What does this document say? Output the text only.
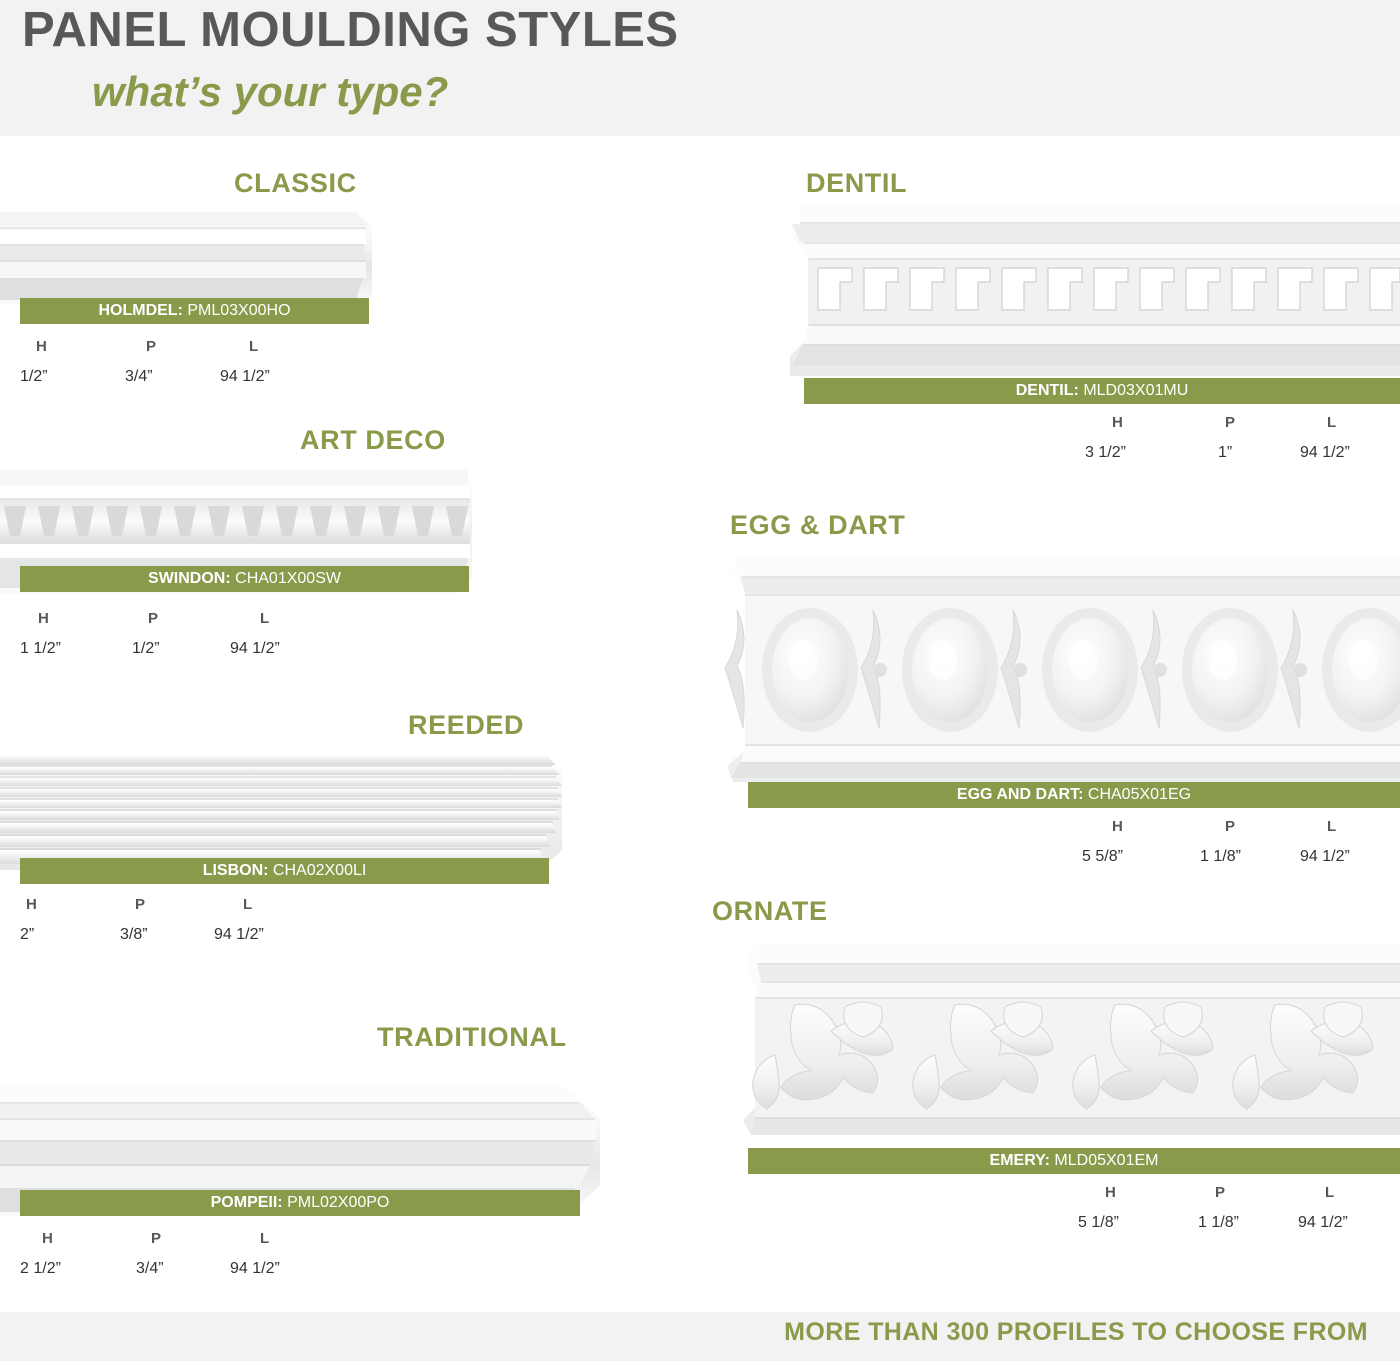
PANEL MOULDING STYLES
what’s your type?
CLASSIC
HOLMDEL: PML03X00HO
H	P	L
1/2”	3/4”	94 1/2”
ART DECO
SWINDON: CHA01X00SW
H	P	L
1 1/2”	1/2”	94 1/2”
REEDED
LISBON: CHA02X00LI
H	P	L
2”	3/8”	94 1/2”
TRADITIONAL
POMPEII: PML02X00PO
H	P	L
2 1/2”	3/4”	94 1/2”
DENTIL
DENTIL: MLD03X01MU
H	P	L
3 1/2”	1”	94 1/2”
EGG & DART
EGG AND DART: CHA05X01EG
H	P	L
5 5/8”	1 1/8”	94 1/2”
ORNATE
EMERY: MLD05X01EM
H	P	L
5 1/8”	1 1/8”	94 1/2”
MORE THAN 300 PROFILES TO CHOOSE FROM
